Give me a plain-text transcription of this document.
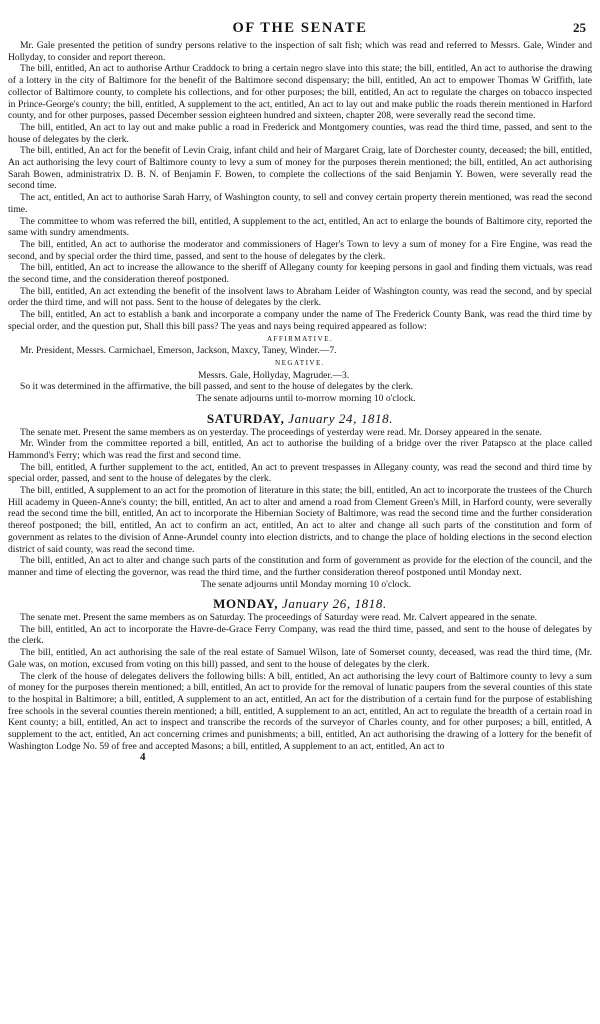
OF THE SENATE	25

Mr. Gale presented the petition of sundry persons relative to the inspection of salt fish; which was read and referred to Messrs. Gale, Winder and Hollyday, to consider and report thereon.

The bill, entitled, An act to authorise Arthur Craddock to bring a certain negro slave into this state; the bill, entitled, An act to authorise the drawing of a lottery in the city of Baltimore for the benefit of the Baltimore second dispensary; the bill, entitled, An act to empower Thomas W Griffith, late collector of Baltimore county, to complete his collections, and for other purposes; the bill, entitled, An act to regulate the charges on tobacco inspected in Prince-George's county; the bill, entitled, A supplement to the act, entitled, An act to lay out and make public the roads therein mentioned in Harford county, and for other purposes, passed December session eighteen hundred and sixteen, chapter 208, were severally read the second time.

The bill, entitled, An act to lay out and make public a road in Frederick and Montgomery counties, was read the third time, passed, and sent to the house of delegates by the clerk.

The bill, entitled, An act for the benefit of Levin Craig, infant child and heir of Margaret Craig, late of Dorchester county, deceased; the bill, entitled, An act authorising the levy court of Baltimore county to levy a sum of money for the purposes therein mentioned; the bill, entitled, An act authorising Sarah Bowen, administratrix D. B. N. of Benjamin F. Bowen, to complete the collections of the said Benjamin Y. Bowen, were severally read the second time.

The act, entitled, An act to authorise Sarah Harry, of Washington county, to sell and convey certain property therein mentioned, was read the second time.

The committee to whom was referred the bill, entitled, A supplement to the act, entitled, An act to enlarge the bounds of Baltimore city, reported the same with sundry amendments.

The bill, entitled, An act to authorise the moderator and commissioners of Hager's Town to levy a sum of money for a Fire Engine, was read the second, and by special order the third time, passed, and sent to the house of delegates by the clerk.

The bill, entitled, An act to increase the allowance to the sheriff of Allegany county for keeping persons in gaol and finding them victuals, was read the second time, and the consideration thereof postponed.

The bill, entitled, An act extending the benefit of the insolvent laws to Abraham Leider of Washington county, was read the second, and by special order the third time, and will not pass. Sent to the house of delegates by the clerk.

The bill, entitled, An act to establish a bank and incorporate a company under the name of The Frederick County Bank, was read the third time by special order, and the question put, Shall this bill pass? The yeas and nays being required appeared as follow:

AFFIRMATIVE.

Mr. President, Messrs. Carmichael, Emerson, Jackson, Maxcy, Taney, Winder.—7.

NEGATIVE.

Messrs. Gale, Hollyday, Magruder.—3.

So it was determined in the affirmative, the bill passed, and sent to the house of delegates by the clerk.

The senate adjourns until to-morrow morning 10 o'clock.

SATURDAY, January 24, 1818.

The senate met. Present the same members as on yesterday. The proceedings of yesterday were read. Mr. Dorsey appeared in the senate.

Mr. Winder from the committee reported a bill, entitled, An act to authorise the building of a bridge over the river Patapsco at the place called Hammond's Ferry; which was read the first and second time.

The bill, entitled, A further supplement to the act, entitled, An act to prevent trespasses in Allegany county, was read the second and third time by special order, passed, and sent to the house of delegates by the clerk.

The bill, entitled, A supplement to an act for the promotion of literature in this state; the bill, entitled, An act to incorporate the trustees of the Church Hill academy in Queen-Anne's county; the bill, entitled, An act to alter and amend a road from Clement Green's Mill, in Harford county, were severally read the second time the bill, entitled, An act to incorporate the Hibernian Society of Baltimore, was read the second time and the further consideration thereof postponed; the bill, entitled, An act to confirm an act, entitled, An act to alter and change all such parts of the constitution and form of government as relates to the division of Anne-Arundel county into election districts, and to change the place of holding elections in the second election district of said county, was read the second time.

The bill, entitled, An act to alter and change such parts of the constitution and form of government as provide for the election of the council, and the manner and time of electing the governor, was read the third time, and the further consideration thereof postponed until Monday next.

The senate adjourns until Monday morning 10 o'clock.

MONDAY, January 26, 1818.

The senate met. Present the same members as on Saturday. The proceedings of Saturday were read. Mr. Calvert appeared in the senate.

The bill, entitled, An act to incorporate the Havre-de-Grace Ferry Company, was read the third time, passed, and sent to the house of delegates by the clerk.

The bill, entitled, An act authorising the sale of the real estate of Samuel Wilson, late of Somerset county, deceased, was read the third time, (Mr. Gale was, on motion, excused from voting on this bill) passed, and sent to the house of delegates by the clerk.

The clerk of the house of delegates delivers the following bills: A bill, entitled, An act authorising the levy court of Baltimore county to levy a sum of money for the purposes therein mentioned; a bill, entitled, An act to provide for the removal of lunatic paupers from the several counties of this state to the hospital in Baltimore; a bill, entitled, A supplement to an act, entitled, An act for the distribution of a certain fund for the purpose of establishing free schools in the several counties therein mentioned; a bill, entitled, A supplement to an act, entitled, An act to regulate the breadth of a certain road in Kent county; a bill, entitled, An act to inspect and transcribe the records of the surveyor of Charles county, and for other purposes; a bill, entitled, A supplement to the act, entitled, An act concerning crimes and punishments; a bill, entitled, An act authorising the drawing of a lottery for the benefit of Washington Lodge No. 59 of free and accepted Masons; a bill, entitled, A supplement to an act, entitled, An act to

4
